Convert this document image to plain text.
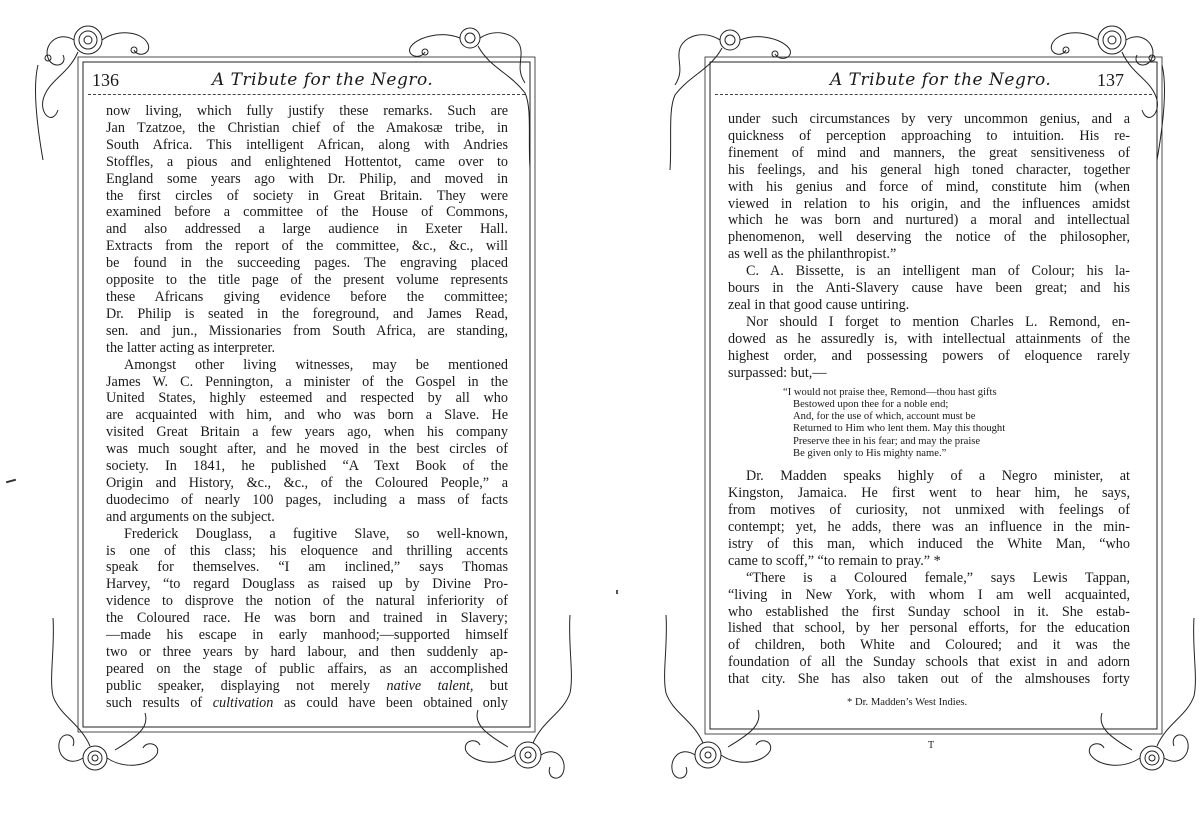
136	A Tribute for the Negro.
now living, which fully justify these remarks. Such are
Jan Tzatzoe, the Christian chief of the Amakosæ tribe, in
South Africa. This intelligent African, along with Andries
Stoffles, a pious and enlightened Hottentot, came over to
England some years ago with Dr. Philip, and moved in
the first circles of society in Great Britain. They were
examined before a committee of the House of Commons,
and also addressed a large audience in Exeter Hall.
Extracts from the report of the committee, &c., &c., will
be found in the succeeding pages. The engraving placed
opposite to the title page of the present volume represents
these Africans giving evidence before the committee;
Dr. Philip is seated in the foreground, and James Read,
sen. and jun., Missionaries from South Africa, are standing,
the latter acting as interpreter.
Amongst other living witnesses, may be mentioned
James W. C. Pennington, a minister of the Gospel in the
United States, highly esteemed and respected by all who
are acquainted with him, and who was born a Slave. He
visited Great Britain a few years ago, when his company
was much sought after, and he moved in the best circles of
society. In 1841, he published “A Text Book of the
Origin and History, &c., &c., of the Coloured People,” a
duodecimo of nearly 100 pages, including a mass of facts
and arguments on the subject.
Frederick Douglass, a fugitive Slave, so well-known,
is one of this class; his eloquence and thrilling accents
speak for themselves. “I am inclined,” says Thomas
Harvey, “to regard Douglass as raised up by Divine Pro-
vidence to disprove the notion of the natural inferiority of
the Coloured race. He was born and trained in Slavery;
—made his escape in early manhood;—supported himself
two or three years by hard labour, and then suddenly ap-
peared on the stage of public affairs, as an accomplished
public speaker, displaying not merely native talent, but
such results of cultivation as could have been obtained only
A Tribute for the Negro.	137
under such circumstances by very uncommon genius, and a
quickness of perception approaching to intuition. His re-
finement of mind and manners, the great sensitiveness of
his feelings, and his general high toned character, together
with his genius and force of mind, constitute him (when
viewed in relation to his origin, and the influences amidst
which he was born and nurtured) a moral and intellectual
phenomenon, well deserving the notice of the philosopher,
as well as the philanthropist.”
C. A. Bissette, is an intelligent man of Colour; his la-
bours in the Anti-Slavery cause have been great; and his
zeal in that good cause untiring.
Nor should I forget to mention Charles L. Remond, en-
dowed as he assuredly is, with intellectual attainments of the
highest order, and possessing powers of eloquence rarely
surpassed: but,—
“I would not praise thee, Remond—thou hast gifts
Bestowed upon thee for a noble end;
And, for the use of which, account must be
Returned to Him who lent them. May this thought
Preserve thee in his fear; and may the praise
Be given only to His mighty name.”
Dr. Madden speaks highly of a Negro minister, at
Kingston, Jamaica. He first went to hear him, he says,
from motives of curiosity, not unmixed with feelings of
contempt; yet, he adds, there was an influence in the min-
istry of this man, which induced the White Man, “who
came to scoff,” “to remain to pray.” *
“There is a Coloured female,” says Lewis Tappan,
“living in New York, with whom I am well acquainted,
who established the first Sunday school in it. She estab-
lished that school, by her personal efforts, for the education
of children, both White and Coloured; and it was the
foundation of all the Sunday schools that exist in and adorn
that city. She has also taken out of the almshouses forty
* Dr. Madden’s West Indies.
T
